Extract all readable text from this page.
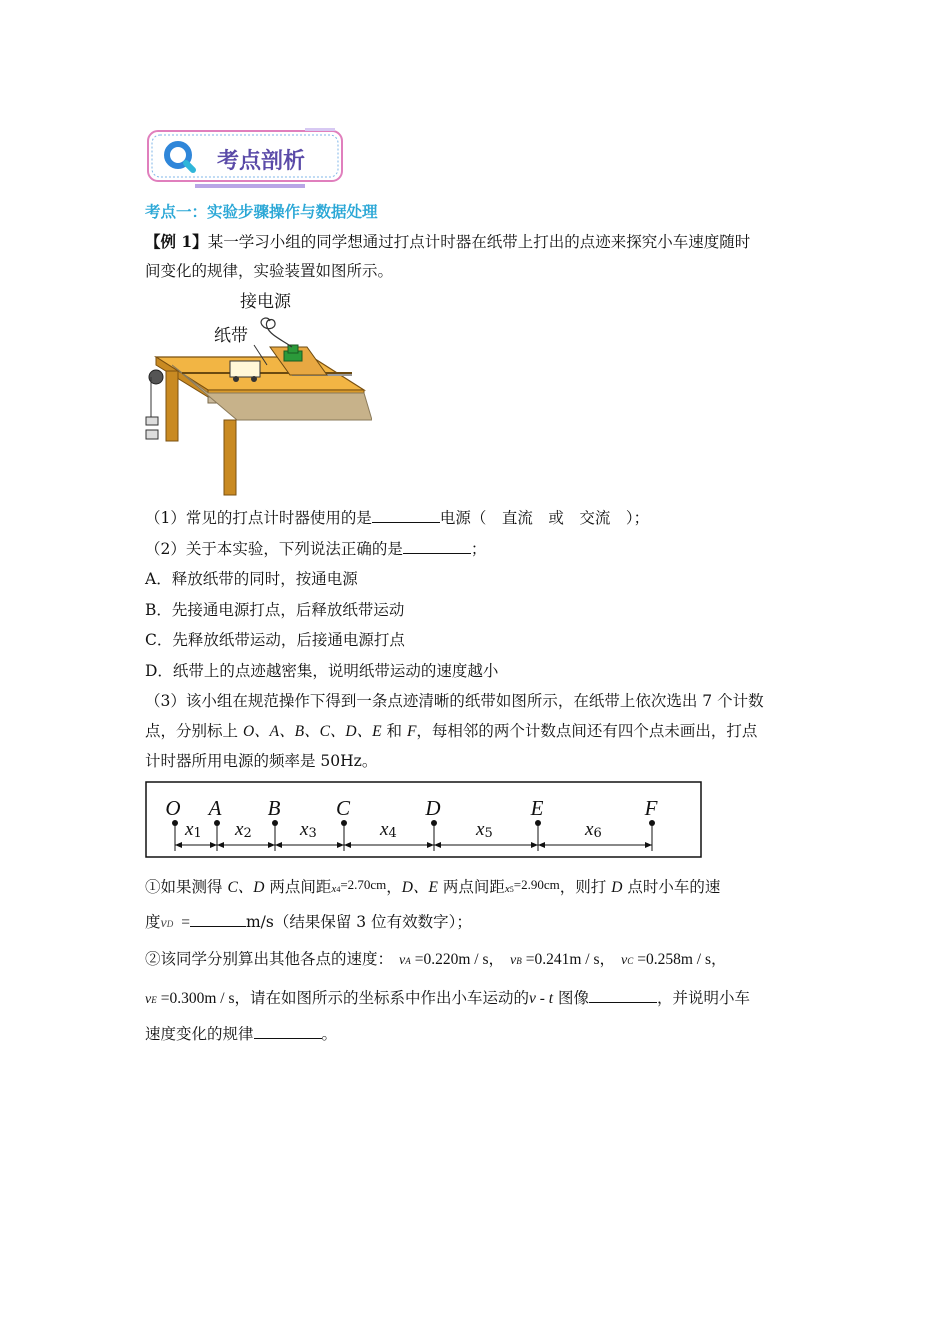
考点剖析
考点一：实验步骤操作与数据处理
【例 1】某一学习小组的同学想通过打点计时器在纸带上打出的点迹来探究小车速度随时
间变化的规律，实验装置如图所示。
接电源
纸带
（1）常见的打点计时器使用的是	电源（　直流　或　交流　）；
（2）关于本实验，下列说法正确的是	；
A．释放纸带的同时，按通电源
B．先接通电源打点，后释放纸带运动
C．先释放纸带运动，后接通电源打点
D．纸带上的点迹越密集，说明纸带运动的速度越小
（3）该小组在规范操作下得到一条点迹清晰的纸带如图所示，在纸带上依次选出 7 个计数
点，分别标上 O、A、B、C、D、E 和 F，每相邻的两个计数点间还有四个点未画出，打点
计时器所用电源的频率是 50Hz。
O A B	C	D	E	F
x1 x2	x3	x4	x5	x6
①如果测得 C、D 两点间距x4=2.70cm，D、E 两点间距x5=2.90cm，则打 D 点时小车的速
度vD =	m/s（结果保留 3 位有效数字）；
②该同学分别算出其他各点的速度： vA =0.220m / s， vB =0.241m / s， vC =0.258m / s，
vE =0.300m / s，请在如图所示的坐标系中作出小车运动的v - t 图像	，并说明小车
速度变化的规律	。
